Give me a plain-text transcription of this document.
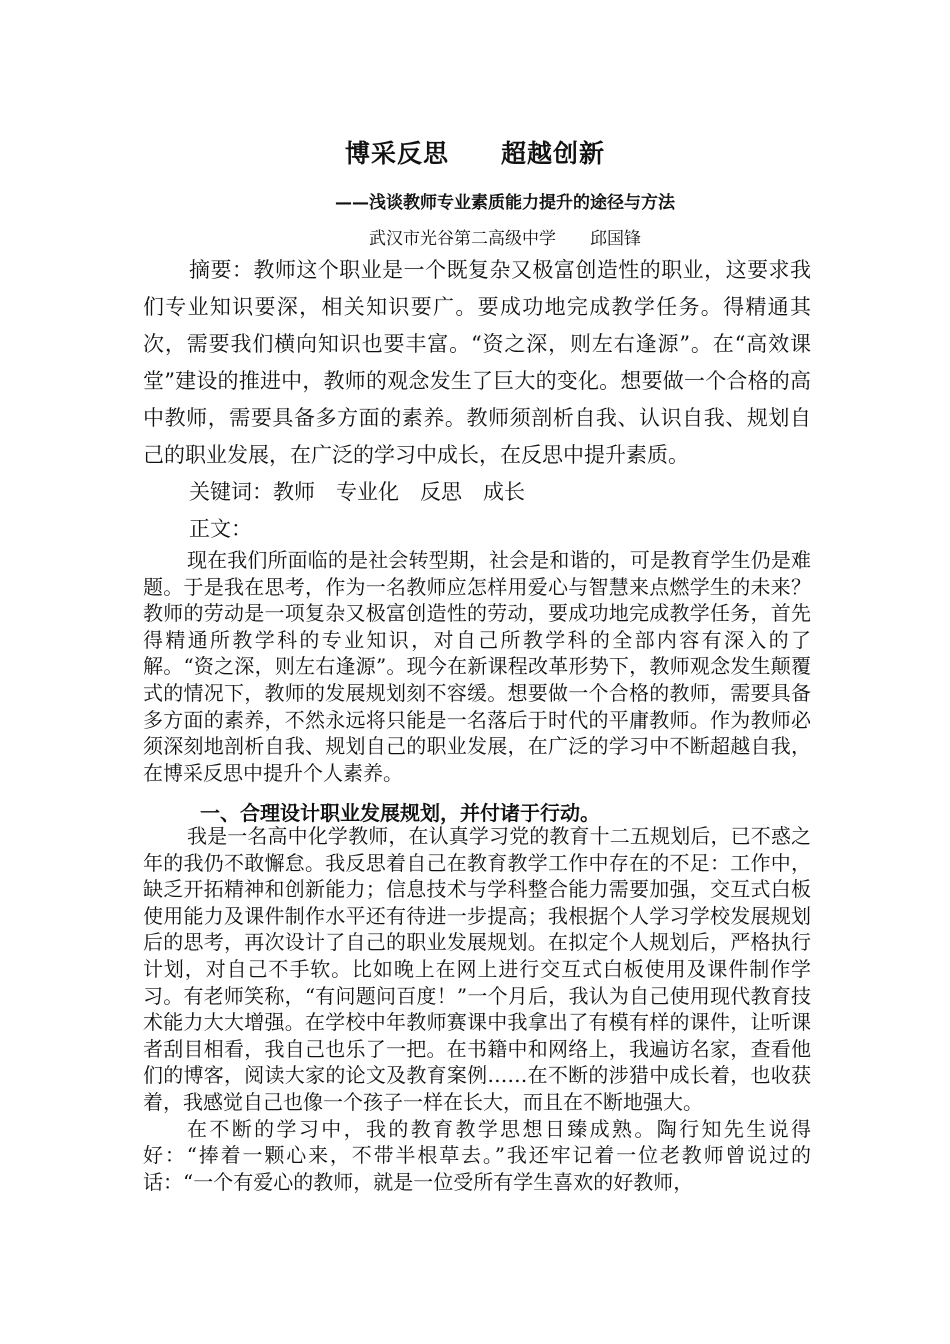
博采反思　　超越创新
——浅谈教师专业素质能力提升的途径与方法
武汉市光谷第二高级中学　　邱国锋

摘要：教师这个职业是一个既复杂又极富创造性的职业，这要求我们专业知识要深，相关知识要广。要成功地完成教学任务。得精通其次，需要我们横向知识也要丰富。“资之深，则左右逢源”。在“高效课堂”建设的推进中，教师的观念发生了巨大的变化。想要做一个合格的高中教师，需要具备多方面的素养。教师须剖析自我、认识自我、规划自己的职业发展，在广泛的学习中成长，在反思中提升素质。

关键词：教师　专业化　反思　成长

正文：

现在我们所面临的是社会转型期，社会是和谐的，可是教育学生仍是难题。于是我在思考，作为一名教师应怎样用爱心与智慧来点燃学生的未来？教师的劳动是一项复杂又极富创造性的劳动，要成功地完成教学任务，首先得精通所教学科的专业知识，对自己所教学科的全部内容有深入的了解。“资之深，则左右逢源”。现今在新课程改革形势下，教师观念发生颠覆式的情况下，教师的发展规划刻不容缓。想要做一个合格的教师，需要具备多方面的素养，不然永远将只能是一名落后于时代的平庸教师。作为教师必须深刻地剖析自我、规划自己的职业发展，在广泛的学习中不断超越自我，在博采反思中提升个人素养。

一、合理设计职业发展规划，并付诸于行动。

我是一名高中化学教师，在认真学习党的教育十二五规划后，已不惑之年的我仍不敢懈怠。我反思着自己在教育教学工作中存在的不足：工作中，缺乏开拓精神和创新能力；信息技术与学科整合能力需要加强，交互式白板使用能力及课件制作水平还有待进一步提高；我根据个人学习学校发展规划后的思考，再次设计了自己的职业发展规划。在拟定个人规划后，严格执行计划，对自己不手软。比如晚上在网上进行交互式白板使用及课件制作学习。有老师笑称，“有问题问百度！”一个月后，我认为自己使用现代教育技术能力大大增强。在学校中年教师赛课中我拿出了有模有样的课件，让听课者刮目相看，我自己也乐了一把。在书籍中和网络上，我遍访名家，查看他们的博客，阅读大家的论文及教育案例……在不断的涉猎中成长着，也收获着，我感觉自己也像一个孩子一样在长大，而且在不断地强大。

在不断的学习中，我的教育教学思想日臻成熟。陶行知先生说得好：“捧着一颗心来，不带半根草去。”我还牢记着一位老教师曾说过的话：“一个有爱心的教师，就是一位受所有学生喜欢的好教师，
